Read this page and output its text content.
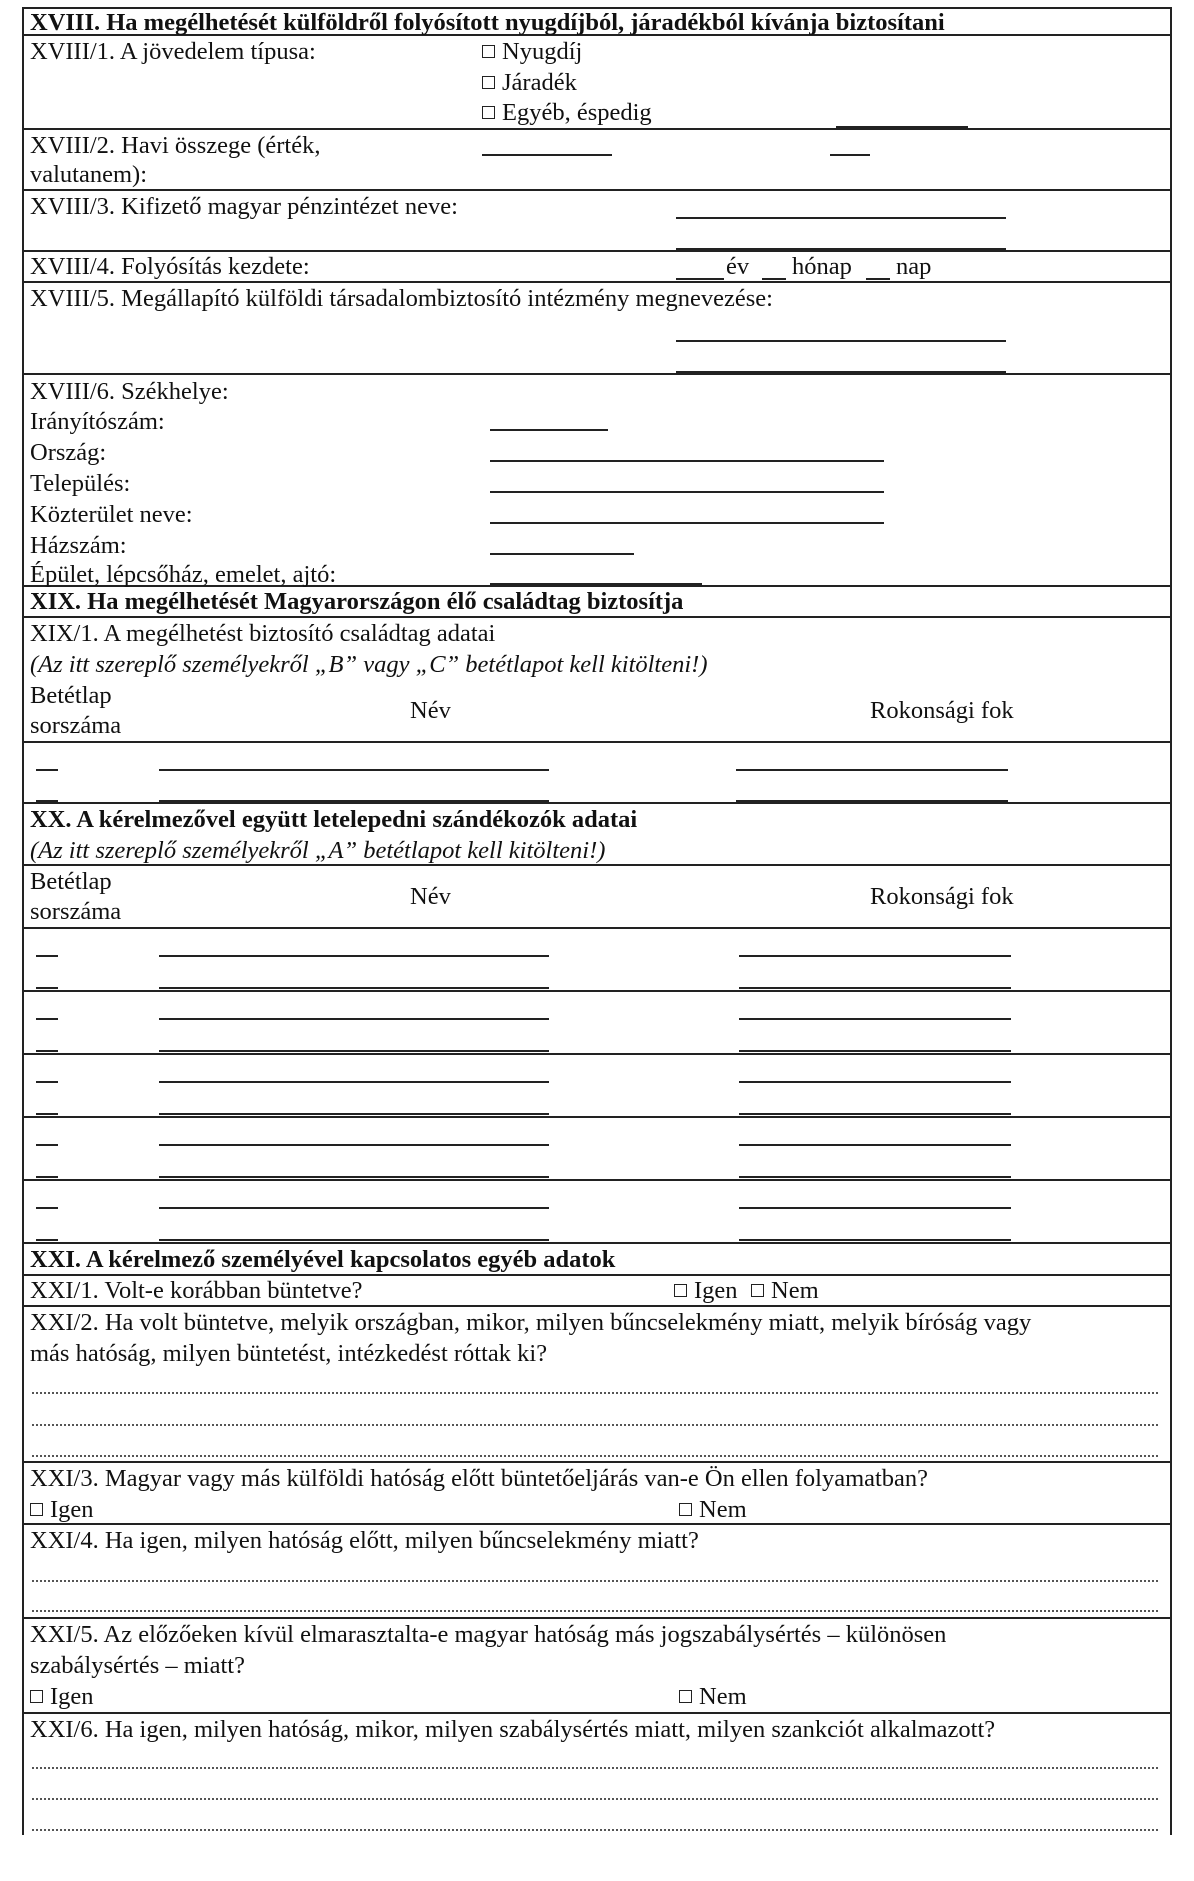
XVIII. Ha megélhetését külföldről folyósított nyugdíjból, járadékból kívánja biztosítani
XVIII/1. A jövedelem típusa:	Nyugdíj
Járadék
Egyéb, éspedig
XVIII/2. Havi összege (érték,
valutanem):
XVIII/3. Kifizető magyar pénzintézet neve:
XVIII/4. Folyósítás kezdete:	év hónap nap
XVIII/5. Megállapító külföldi társadalombiztosító intézmény megnevezése:
XVIII/6. Székhelye:
Irányítószám:
Ország:
Település:
Közterület neve:
Házszám:
Épület, lépcsőház, emelet, ajtó:
XIX. Ha megélhetését Magyarországon élő családtag biztosítja
XIX/1. A megélhetést biztosító családtag adatai
(Az itt szereplő személyekről „B” vagy „C” betétlapot kell kitölteni!)
Betétlap
sorszáma
Név	Rokonsági fok
XX. A kérelmezővel együtt letelepedni szándékozók adatai
(Az itt szereplő személyekről „A” betétlapot kell kitölteni!)
Betétlap
sorszáma
Név	Rokonsági fok
XXI. A kérelmező személyével kapcsolatos egyéb adatok
XXI/1. Volt-e korábban büntetve?	Igen	Nem
XXI/2. Ha volt büntetve, melyik országban, mikor, milyen bűncselekmény miatt, melyik bíróság vagy
más hatóság, milyen büntetést, intézkedést róttak ki?
XXI/3. Magyar vagy más külföldi hatóság előtt büntetőeljárás van-e Ön ellen folyamatban?
Igen	Nem
XXI/4. Ha igen, milyen hatóság előtt, milyen bűncselekmény miatt?
XXI/5. Az előzőeken kívül elmarasztalta-e magyar hatóság más jogszabálysértés – különösen
szabálysértés – miatt?
Igen	Nem
XXI/6. Ha igen, milyen hatóság, mikor, milyen szabálysértés miatt, milyen szankciót alkalmazott?
